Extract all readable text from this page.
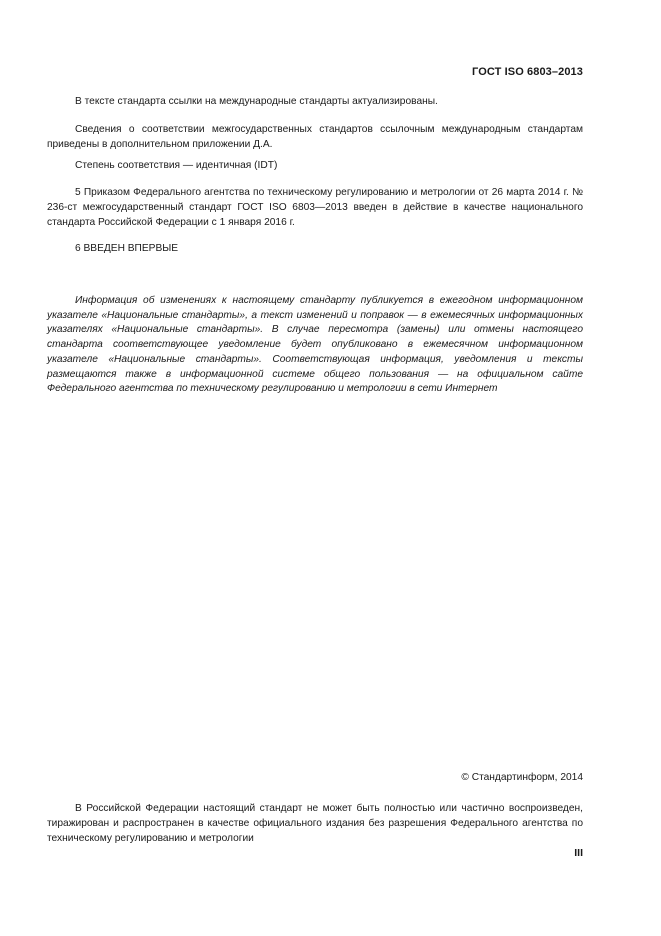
ГОСТ ISO 6803–2013
В тексте стандарта ссылки на международные стандарты актуализированы.
Сведения о соответствии межгосударственных стандартов ссылочным международным стандартам приведены в дополнительном приложении Д.А.
Степень соответствия — идентичная (IDT)
5 Приказом Федерального агентства по техническому регулированию и метрологии от 26 марта 2014 г. № 236-ст межгосударственный стандарт ГОСТ ISO 6803—2013 введен в действие в качестве национального стандарта Российской Федерации с 1 января 2016 г.
6 ВВЕДЕН ВПЕРВЫЕ
Информация об изменениях к настоящему стандарту публикуется в ежегодном информационном указателе «Национальные стандарты», а текст изменений и поправок — в ежемесячных информационных указателях «Национальные стандарты». В случае пересмотра (замены) или отмены настоящего стандарта соответствующее уведомление будет опубликовано в ежемесячном информационном указателе «Национальные стандарты». Соответствующая информация, уведомления и тексты размещаются также в информационной системе общего пользования — на официальном сайте Федерального агентства по техническому регулированию и метрологии в сети Интернет
© Стандартинформ, 2014
В Российской Федерации настоящий стандарт не может быть полностью или частично воспроизведен, тиражирован и распространен в качестве официального издания без разрешения Федерального агентства по техническому регулированию и метрологии
III
